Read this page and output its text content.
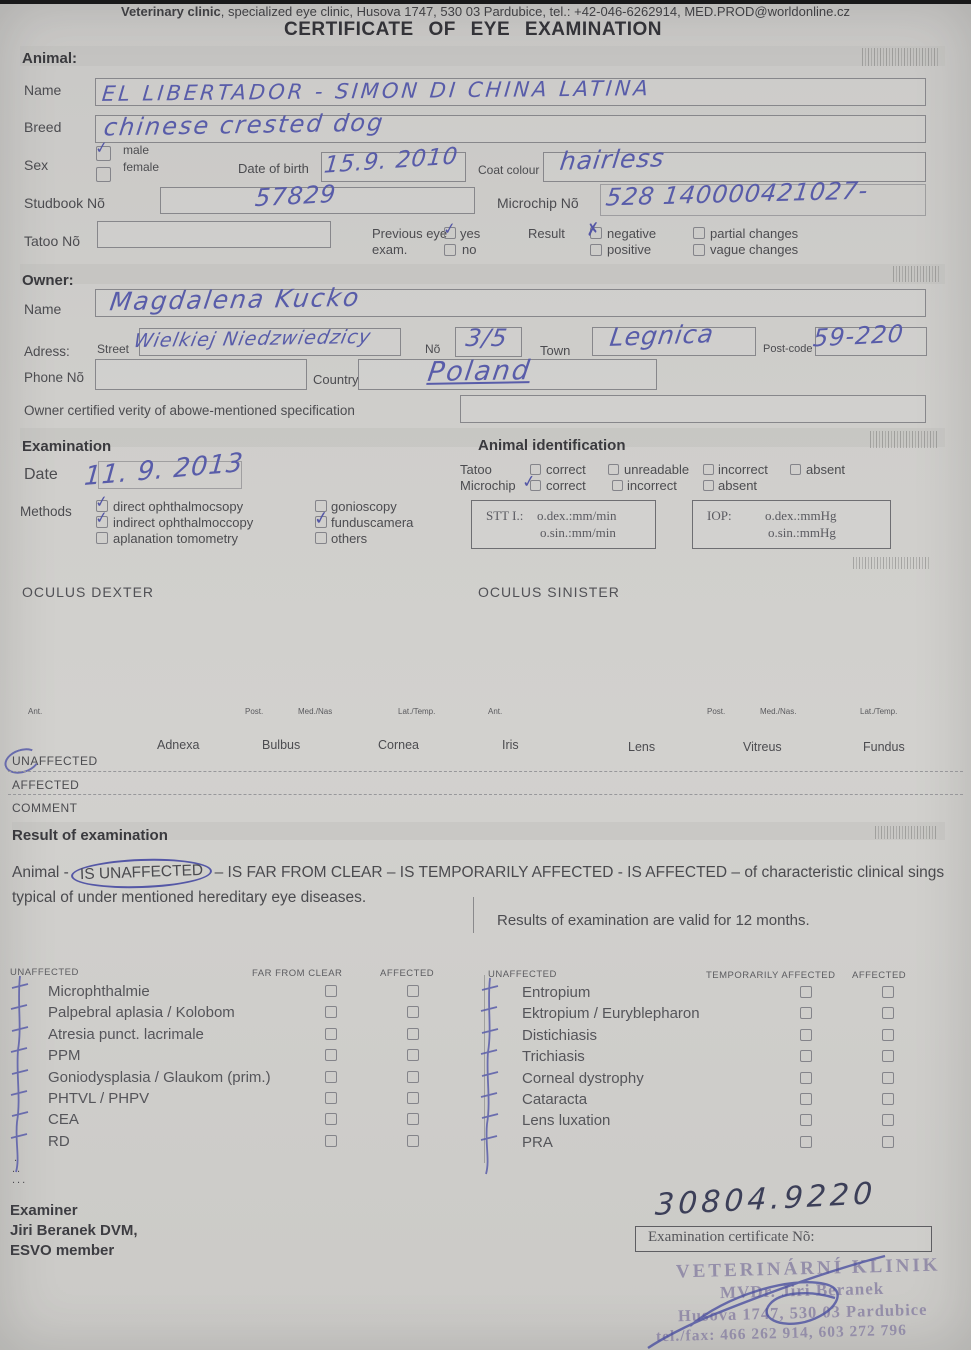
Veterinary clinic, specialized eye clinic, Husova 1747, 530 03 Pardubice, tel.: +42-046-6262914, MED.PROD@worldonline.cz
CERTIFICATE OF EYE EXAMINATION
Animal:
Name EL LIBERTADOR - SIMON DI CHINA LATINA
Breed chinese crested dog
Sex
✓ male
female	Date of birth 15.9. 2010 Coat colour hairless
Studbook Nõ	57829	Microchip Nõ 528 140000421027-
Tatoo Nõ	Previous eye
exam.
✓ yes
no
Result ✗ negative
positive
partial changes
vague changes
Owner:
Name Magdalena Kucko
Adress: Street Wielkiej Niedzwiedzicy	Nõ 3/5 Town Legnica	Post-code 59-220
Phone Nõ	Country Poland
Owner certified verity of abowe-mentioned specification
Examination
Date 11. 9. 2013
Methods ✓ direct ophthalmocsopy
✓ indirect ophthalmoccopy
aplanation tomometry
gonioscopy
✓ funduscamera
others
Animal identification
Tatoo	correct	unreadable incorrect	absent
Microchip ✓ correct	incorrect	absent
STT I.: o.dex.:mm/min
o.sin.:mm/min
IOP:	o.dex.:mmHg
o.sin.:mmHg
OCULUS DEXTER	OCULUS SINISTER
Ant.	Post.	Med./Nas	Lat./Temp.	Ant.	Post.	Med./Nas.	Lat./Temp.
Adnexa	Bulbus	Cornea	Iris	Lens	Vitreus	Fundus
UNAFFECTED
AFFECTED
COMMENT
Result of examination
Animal - IS UNAFFECTED – IS FAR FROM CLEAR – IS TEMPORARILY AFFECTED - IS AFFECTED – of characteristic clinical sings typical of under mentioned hereditary eye diseases.
Results of examination are valid for 12 months.
UNAFFECTED	FAR FROM CLEAR	AFFECTED
Microphthalmie
Palpebral aplasia / Kolobom
Atresia punct. lacrimale
PPM
Goniodysplasia / Glaukom (prim.)
PHTVL / PHPV
CEA
RD
UNAFFECTED	TEMPORARILY AFFECTED AFFECTED
Entropium
Ektropium / Euryblepharon
Distichiasis
Trichiasis
Corneal dystrophy
Cataracta
Lens luxation
PRA
.
..
...
Examiner
Jiri Beranek DVM,
ESVO member
30804.9220
Examination certificate Nõ:
VETERINÁRNÍ KLINIK
MVDr. Jiri Beranek
Husova 1747, 530 03 Pardubice
tel./fax: 466 262 914, 603 272 796
